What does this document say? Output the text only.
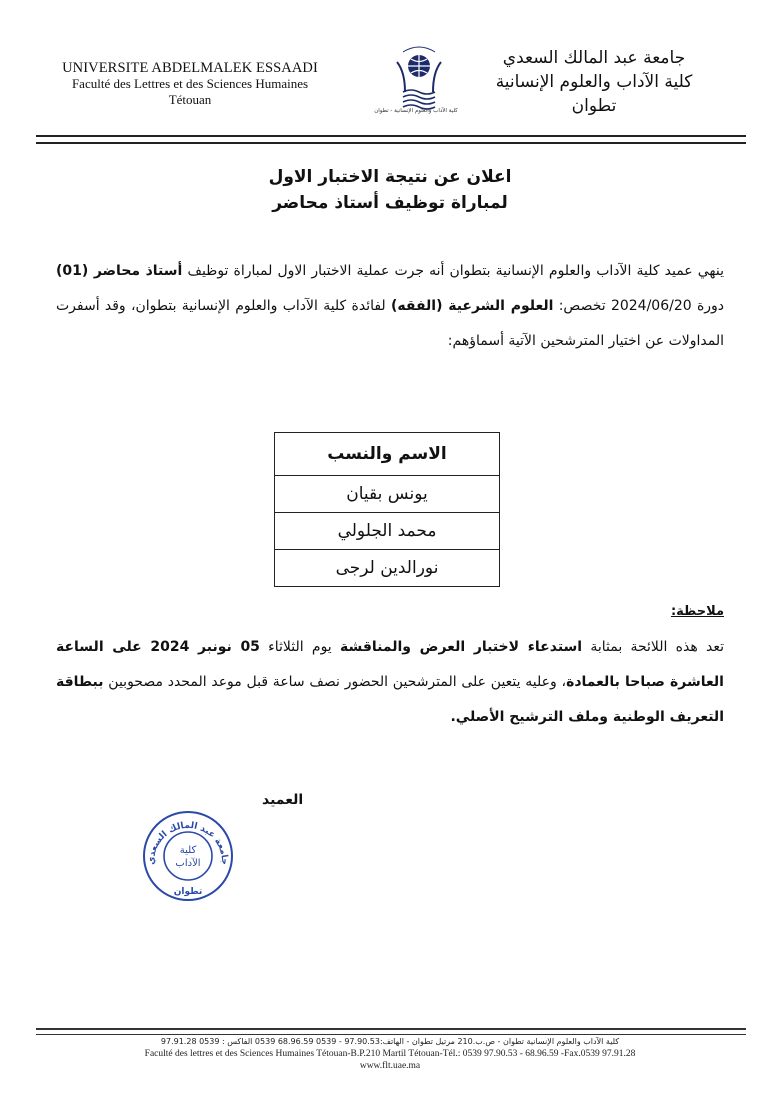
UNIVERSITE ABDELMALEK ESSAADI
Faculté des Lettres et des Sciences Humaines
Tétouan
كلية الآداب والعلوم الإنسانية - تطوان
جامعة عبد المالك السعدي
كلية الآداب والعلوم الإنسانية
تطوان
اعلان عن نتيجة الاختبار الاول
لمباراة توظيف أستاذ محاضر
ينهي عميد كلية الآداب والعلوم الإنسانية بتطوان أنه جرت عملية الاختبار الاول لمباراة توظيف أستاذ محاضر (01) دورة 2024/06/20 تخصص: العلوم الشرعية (الفقه) لفائدة كلية الآداب والعلوم الإنسانية بتطوان، وقد أسفرت المداولات عن اختيار المترشحين الآتية أسماؤهم:
الاسم والنسب
يونس بقيان
محمد الجلولي
نورالدين لرجى
ملاحظة:
تعد هذه اللائحة بمثابة استدعاء لاختبار العرض والمناقشة يوم الثلاثاء 05 نونبر 2024 على الساعة العاشرة صباحا بالعمادة، وعليه يتعين على المترشحين الحضور نصف ساعة قبل موعد المحدد مصحوبين ببطاقة التعريف الوطنية وملف الترشيح الأصلي.
العميد
جامعة عبد المالك السعدي
كلية
الآداب
تطوان
كلية الآداب والعلوم الإنسانية تطوان - ص.ب.210 مرتيل تطوان - الهاتف:97.90.53 - 0539 68.96.59 0539 الفاكس : 0539 97.91.28
Faculté des lettres et des Sciences Humaines Tétouan-B.P.210 Martil Tétouan-Tél.: 0539 97.90.53 - 68.96.59 -Fax.0539 97.91.28
www.flt.uae.ma
